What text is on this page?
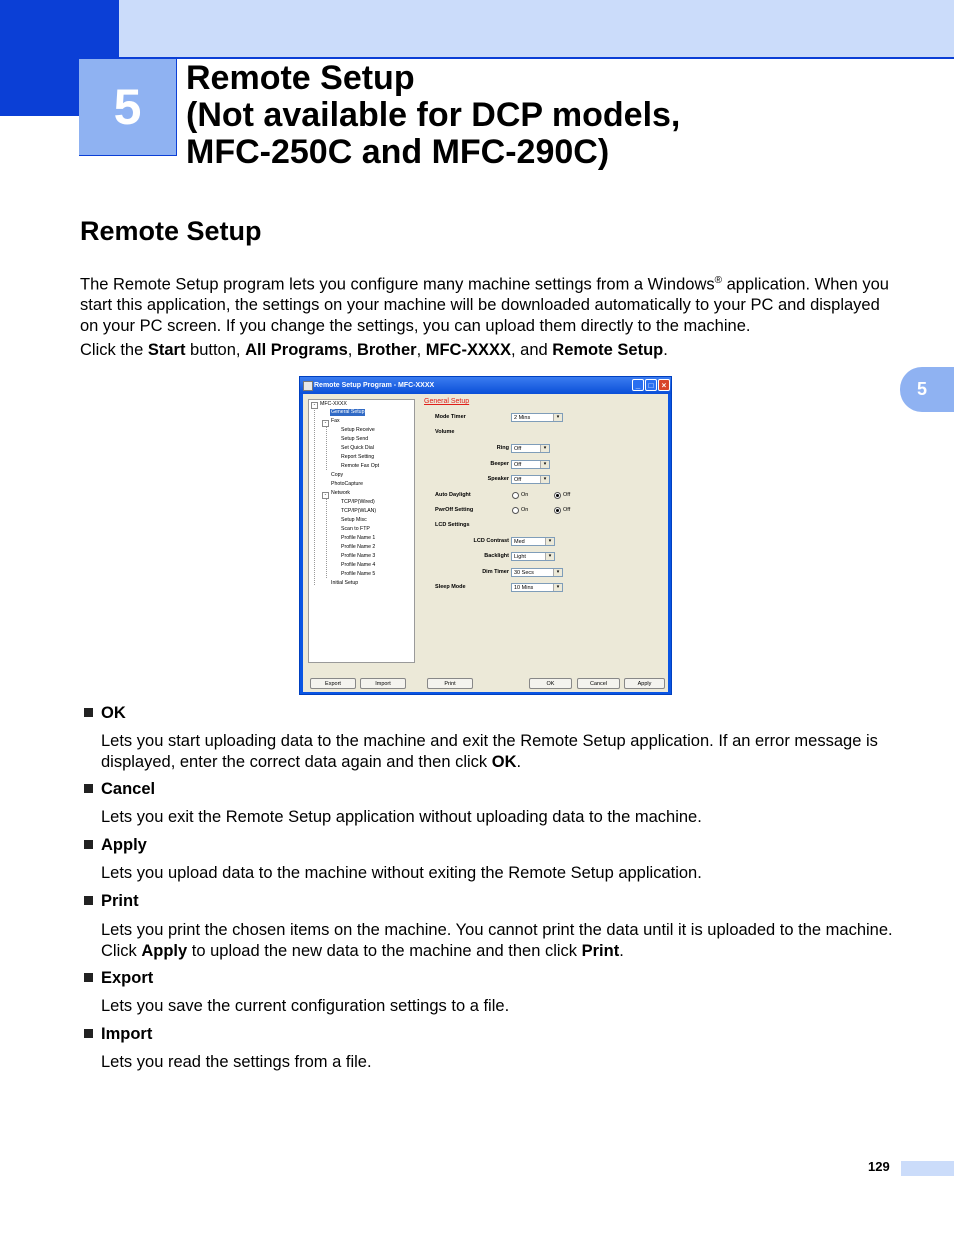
5
Remote Setup
(Not available for DCP models,
MFC-250C and MFC-290C)
Remote Setup
The Remote Setup program lets you configure many machine settings from a Windows® application. When you start this application, the settings on your machine will be downloaded automatically to your PC and displayed on your PC screen. If you change the settings, you can upload them directly to the machine.
Click the Start button, All Programs, Brother, MFC-XXXX, and Remote Setup.
5
Remote Setup Program - MFC-XXXX	_	□	×
- MFC-XXXX
General Setup
- Fax
Setup Receive
Setup Send
Set Quick Dial
Report Setting
Remote Fax Opt
Copy
PhotoCapture
- Network
TCP/IP(Wired)
TCP/IP(WLAN)
Setup Misc
Scan to FTP
Profile Name 1
Profile Name 2
Profile Name 3
Profile Name 4
Profile Name 5
Initial Setup
General Setup
Mode Timer	2 Mins	▾
Volume
Ring Off	▾
Beeper Off	▾
Speaker Off	▾
Auto Daylight	On	Off
PwrOff Setting	On	Off
LCD Settings
LCD Contrast Med	▾
Backlight Light	▾
Dim Timer 30 Secs	▾
Sleep Mode	10 Mins	▾
Export	Import	Print	OK	Cancel	Apply
OK
Lets you start uploading data to the machine and exit the Remote Setup application. If an error message is displayed, enter the correct data again and then click OK.
Cancel
Lets you exit the Remote Setup application without uploading data to the machine.
Apply
Lets you upload data to the machine without exiting the Remote Setup application.
Print
Lets you print the chosen items on the machine. You cannot print the data until it is uploaded to the machine. Click Apply to upload the new data to the machine and then click Print.
Export
Lets you save the current configuration settings to a file.
Import
Lets you read the settings from a file.
129
